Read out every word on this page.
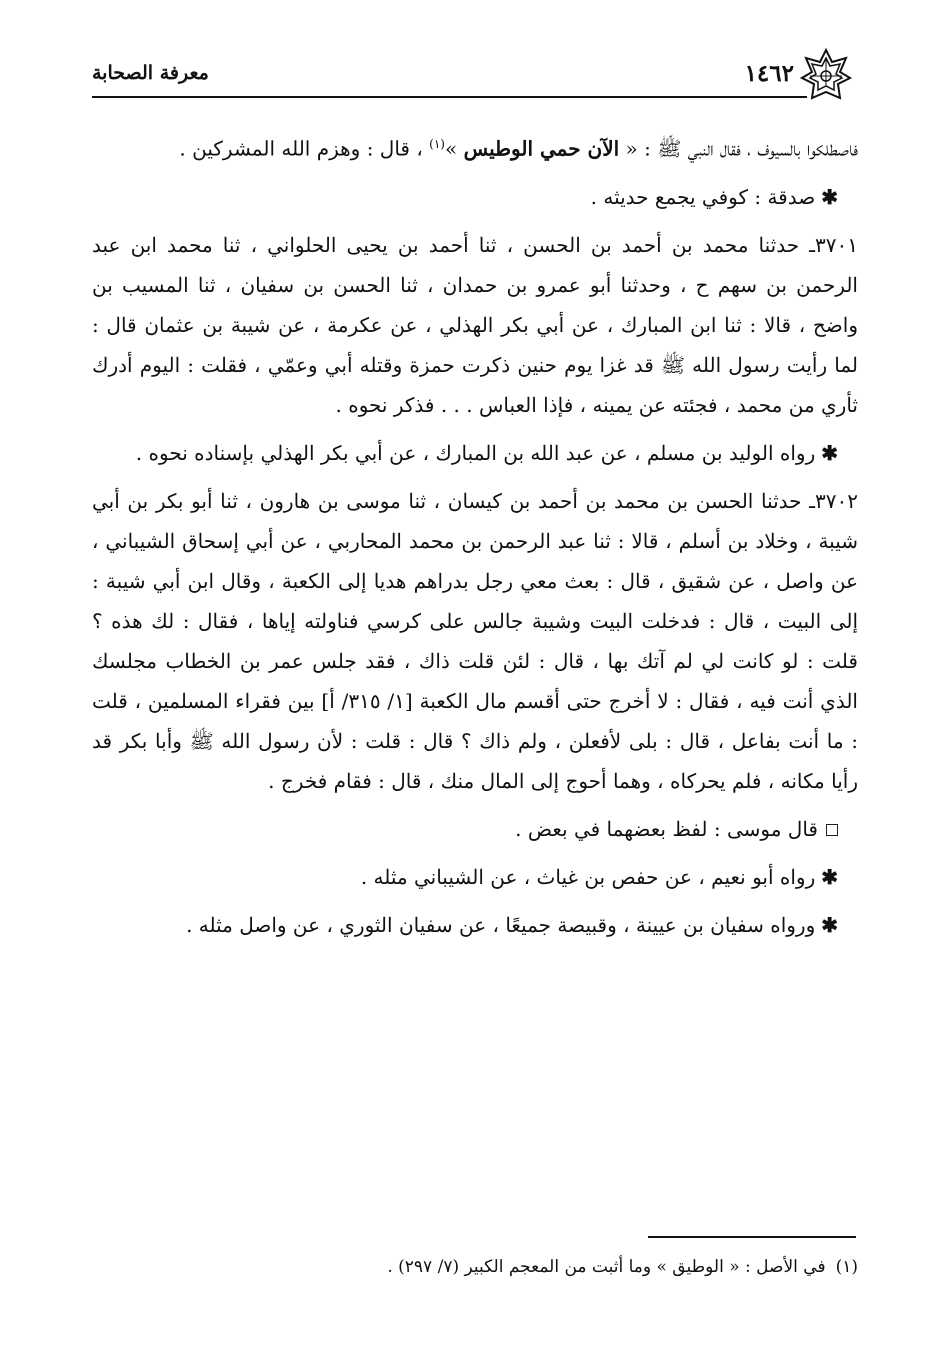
معرفة الصحابة	١٤٦٢
فاصطلكوا بالسيوف ، فقال النبي ﷺ : « الآن حمي الوطيس »$^{(١)}$ ، قال : وهزم الله المشركين .
✱صدقة : كوفي يجمع حديثه .
٣٧٠١ـ حدثنا محمد بن أحمد بن الحسن ، ثنا أحمد بن يحيى الحلواني ، ثنا محمد ابن عبد الرحمن بن سهم ح ، وحدثنا أبو عمرو بن حمدان ، ثنا الحسن بن سفيان ، ثنا المسيب بن واضح ، قالا : ثنا ابن المبارك ، عن أبي بكر الهذلي ، عن عكرمة ، عن شيبة بن عثمان قال : لما رأيت رسول الله ﷺ قد غزا يوم حنين ذكرت حمزة وقتله أبي وعمّي ، فقلت : اليوم أدرك ثأري من محمد ، فجئته عن يمينه ، فإذا العباس . . . فذكر نحوه .
✱رواه الوليد بن مسلم ، عن عبد الله بن المبارك ، عن أبي بكر الهذلي بإسناده نحوه .
٣٧٠٢ـ حدثنا الحسن بن محمد بن أحمد بن كيسان ، ثنا موسى بن هارون ، ثنا أبو بكر بن أبي شيبة ، وخلاد بن أسلم ، قالا : ثنا عبد الرحمن بن محمد المحاربي ، عن أبي إسحاق الشيباني ، عن واصل ، عن شقيق ، قال : بعث معي رجل بدراهم هديا إلى الكعبة ، وقال ابن أبي شيبة : إلى البيت ، قال : فدخلت البيت وشيبة جالس على كرسي فناولته إياها ، فقال : لك هذه ؟ قلت : لو كانت لي لم آتك بها ، قال : لئن قلت ذاك ، فقد جلس عمر بن الخطاب مجلسك الذي أنت فيه ، فقال : لا أخرج حتى أقسم مال الكعبة [١/ ٣١٥/ أ] بين فقراء المسلمين ، قلت : ما أنت بفاعل ، قال : بلى لأفعلن ، ولم ذاك ؟ قال : قلت : لأن رسول الله ﷺ وأبا بكر قد رأيا مكانه ، فلم يحركاه ، وهما أحوج إلى المال منك ، قال : فقام فخرج .
قال موسى : لفظ بعضهما في بعض .
✱رواه أبو نعيم ، عن حفص بن غياث ، عن الشيباني مثله .
✱ورواه سفيان بن عيينة ، وقبيصة جميعًا ، عن سفيان الثوري ، عن واصل مثله .
(١)في الأصل : « الوطيق » وما أثبت من المعجم الكبير (٧/ ٢٩٧) .
